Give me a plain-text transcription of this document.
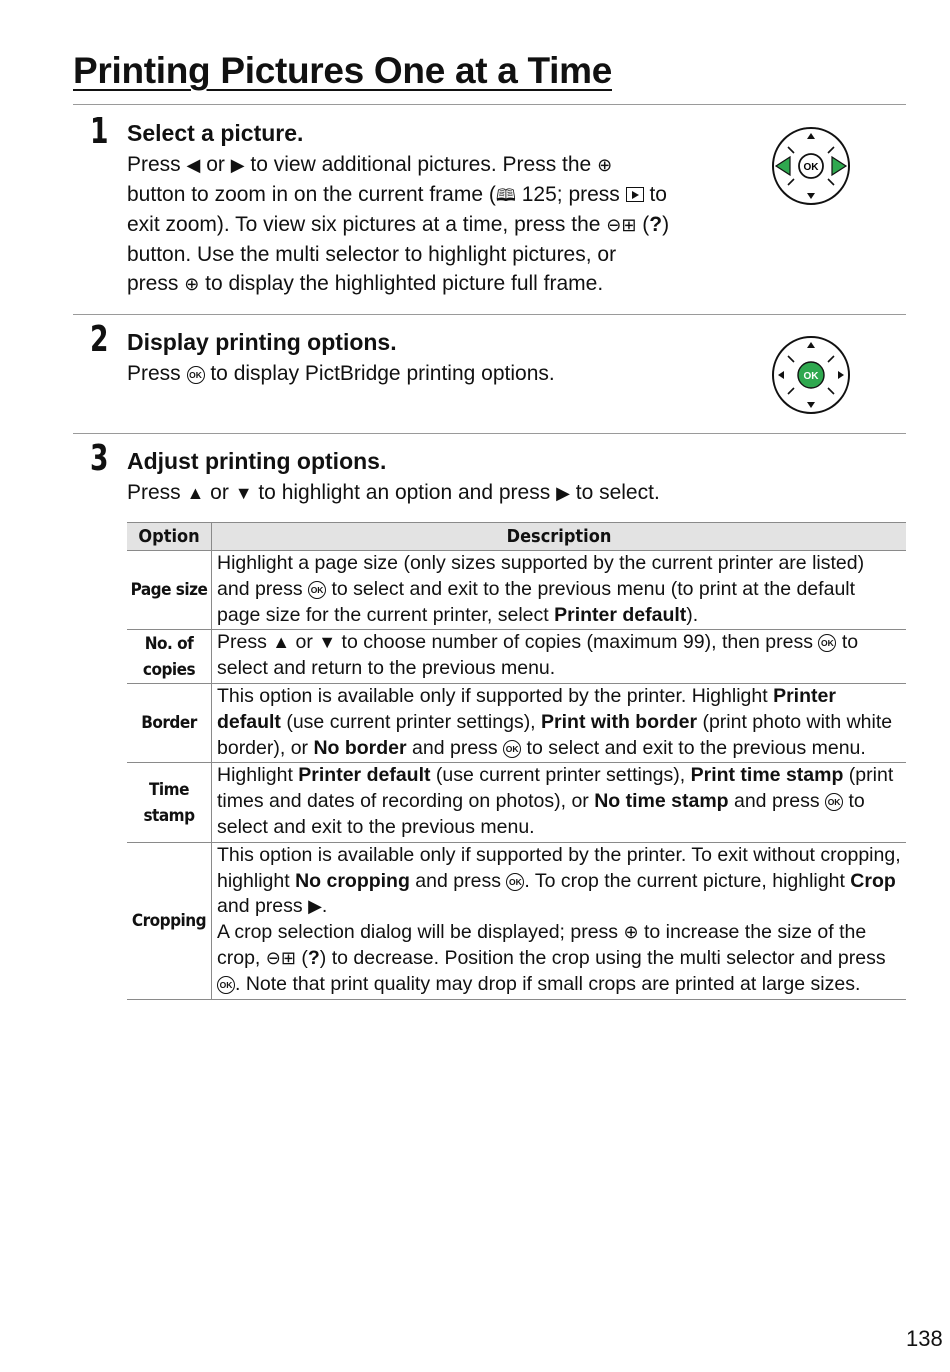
Printing Pictures One at a Time
1 Select a picture.

Press ◀ or ▶ to view additional pictures. Press the ⊕

button to zoom in on the current frame (🕮 125; press  to

exit zoom). To view six pictures at a time, press the ⊖⊞ (?)

button. Use the multi selector to highlight pictures, or

press ⊕ to display the highlighted picture full frame.

OK
2 Display printing options.

Press OK to display PictBridge printing options.	OK
3 Adjust printing options.

Press ▲ or ▼ to highlight an option and press ▶ to select.

Option	Description
Page size	Highlight a page size (only sizes supported by the current printer are listed) and press OK to select and exit to the previous menu (to print at the default page size for the current printer, select Printer default).
No. of
copies	Press ▲ or ▼ to choose number of copies (maximum 99), then press OK to select and return to the previous menu.
Border	This option is available only if supported by the printer. Highlight Printer default (use current printer settings), Print with border (print photo with white border), or No border and press OK to select and exit to the previous menu.
Time
stamp	Highlight Printer default (use current printer settings), Print time stamp (print times and dates of recording on photos), or No time stamp and press OK to select and exit to the previous menu.
Cropping	This option is available only if supported by the printer. To exit without cropping, highlight No cropping and press OK . To crop the current picture, highlight Crop and press ▶.

A crop selection dialog will be displayed; press ⊕ to increase the size of the crop, ⊖⊞ (?) to decrease. Position the crop using the multi selector and press OK . Note that print quality may drop if small crops are printed at large sizes.

138
